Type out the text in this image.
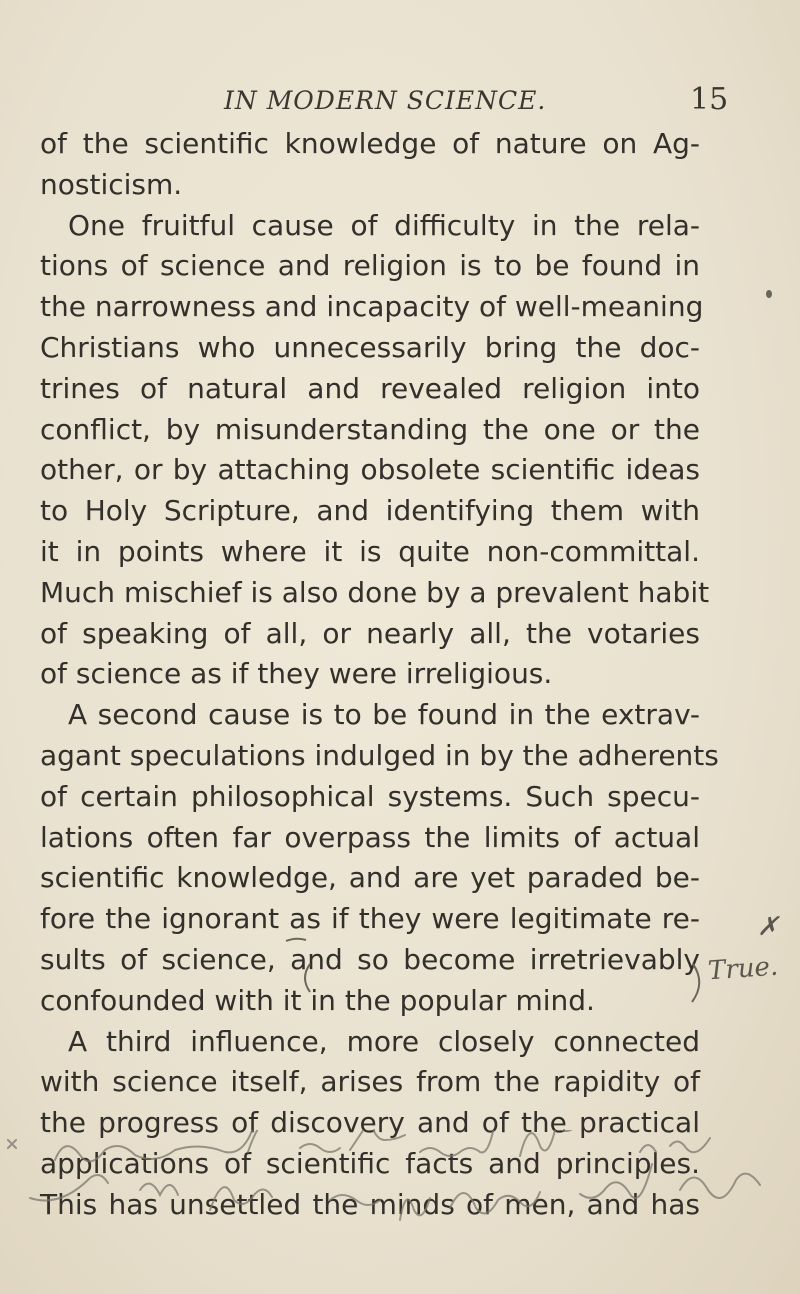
IN MODERN SCIENCE.	15
of the scientific knowledge of nature on Ag-
nosticism.
One fruitful cause of difficulty in the rela-
tions of science and religion is to be found in
the narrowness and incapacity of well-meaning
Christians who unnecessarily bring the doc-
trines of natural and revealed religion into
conflict, by misunderstanding the one or the
other, or by attaching obsolete scientific ideas
to Holy Scripture, and identifying them with
it in points where it is quite non-committal.
Much mischief is also done by a prevalent habit
of speaking of all, or nearly all, the votaries
of science as if they were irreligious.
A second cause is to be found in the extrav-
agant speculations indulged in by the adherents
of certain philosophical systems. Such specu-
lations often far overpass the limits of actual
scientific knowledge, and are yet paraded be-
fore the ignorant as if they were legitimate re-
sults of science, and so become irretrievably
confounded with it in the popular mind.
A third influence, more closely connected
with science itself, arises from the rapidity of
the progress of discovery and of the practical
applications of scientific facts and principles.
This has unsettled the minds of men, and has
✗
True.
